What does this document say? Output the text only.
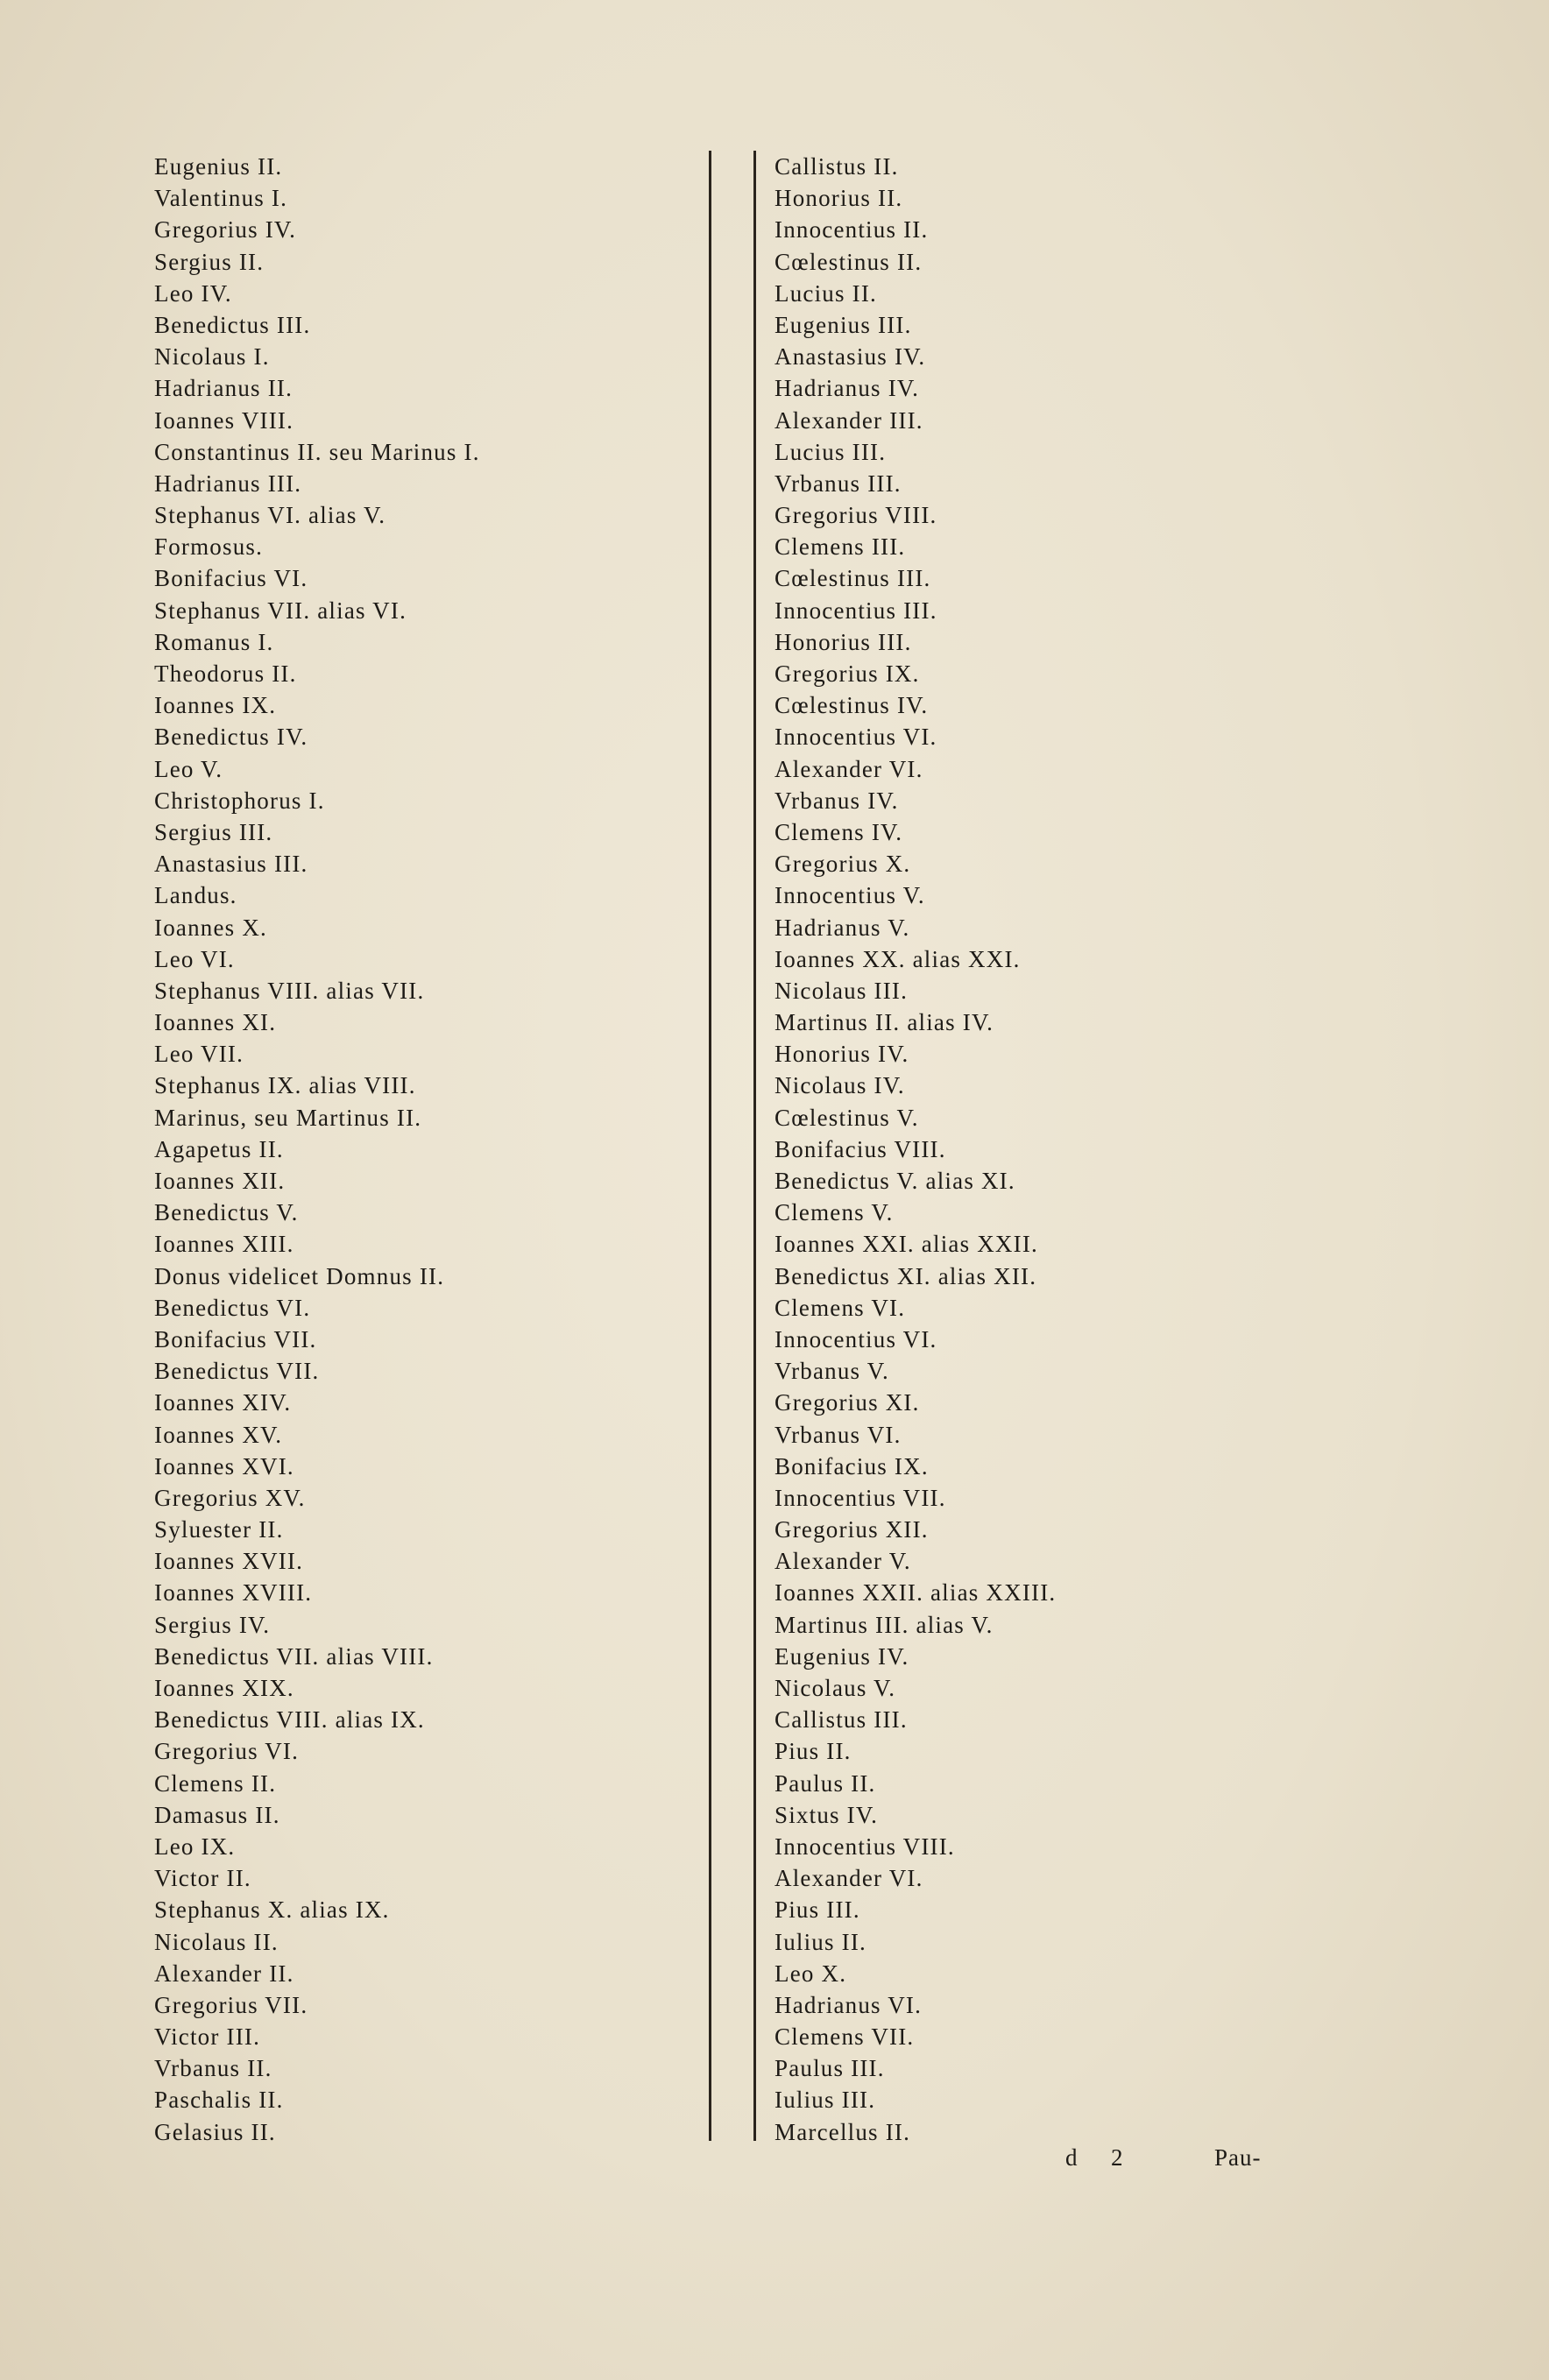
Eugenius II.
Valentinus I.
Gregorius IV.
Sergius II.
Leo IV.
Benedictus III.
Nicolaus I.
Hadrianus II.
Ioannes VIII.
Constantinus II. seu Marinus I.
Hadrianus III.
Stephanus VI. alias V.
Formosus.
Bonifacius VI.
Stephanus VII. alias VI.
Romanus I.
Theodorus II.
Ioannes IX.
Benedictus IV.
Leo V.
Christophorus I.
Sergius III.
Anastasius III.
Landus.
Ioannes X.
Leo VI.
Stephanus VIII. alias VII.
Ioannes XI.
Leo VII.
Stephanus IX. alias VIII.
Marinus, seu Martinus II.
Agapetus II.
Ioannes XII.
Benedictus V.
Ioannes XIII.
Donus videlicet Domnus II.
Benedictus VI.
Bonifacius VII.
Benedictus VII.
Ioannes XIV.
Ioannes XV.
Ioannes XVI.
Gregorius XV.
Syluester II.
Ioannes XVII.
Ioannes XVIII.
Sergius IV.
Benedictus VII. alias VIII.
Ioannes XIX.
Benedictus VIII. alias IX.
Gregorius VI.
Clemens II.
Damasus II.
Leo IX.
Victor II.
Stephanus X. alias IX.
Nicolaus II.
Alexander II.
Gregorius VII.
Victor III.
Vrbanus II.
Paschalis II.
Gelasius II.
Callistus II.
Honorius II.
Innocentius II.
Cœlestinus II.
Lucius II.
Eugenius III.
Anastasius IV.
Hadrianus IV.
Alexander III.
Lucius III.
Vrbanus III.
Gregorius VIII.
Clemens III.
Cœlestinus III.
Innocentius III.
Honorius III.
Gregorius IX.
Cœlestinus IV.
Innocentius VI.
Alexander VI.
Vrbanus IV.
Clemens IV.
Gregorius X.
Innocentius V.
Hadrianus V.
Ioannes XX. alias XXI.
Nicolaus III.
Martinus II. alias IV.
Honorius IV.
Nicolaus IV.
Cœlestinus V.
Bonifacius VIII.
Benedictus V. alias XI.
Clemens V.
Ioannes XXI. alias XXII.
Benedictus XI. alias XII.
Clemens VI.
Innocentius VI.
Vrbanus V.
Gregorius XI.
Vrbanus VI.
Bonifacius IX.
Innocentius VII.
Gregorius XII.
Alexander V.
Ioannes XXII. alias XXIII.
Martinus III. alias V.
Eugenius IV.
Nicolaus V.
Callistus III.
Pius II.
Paulus II.
Sixtus IV.
Innocentius VIII.
Alexander VI.
Pius III.
Iulius II.
Leo X.
Hadrianus VI.
Clemens VII.
Paulus III.
Iulius III.
Marcellus II.
d 2	Pau-
